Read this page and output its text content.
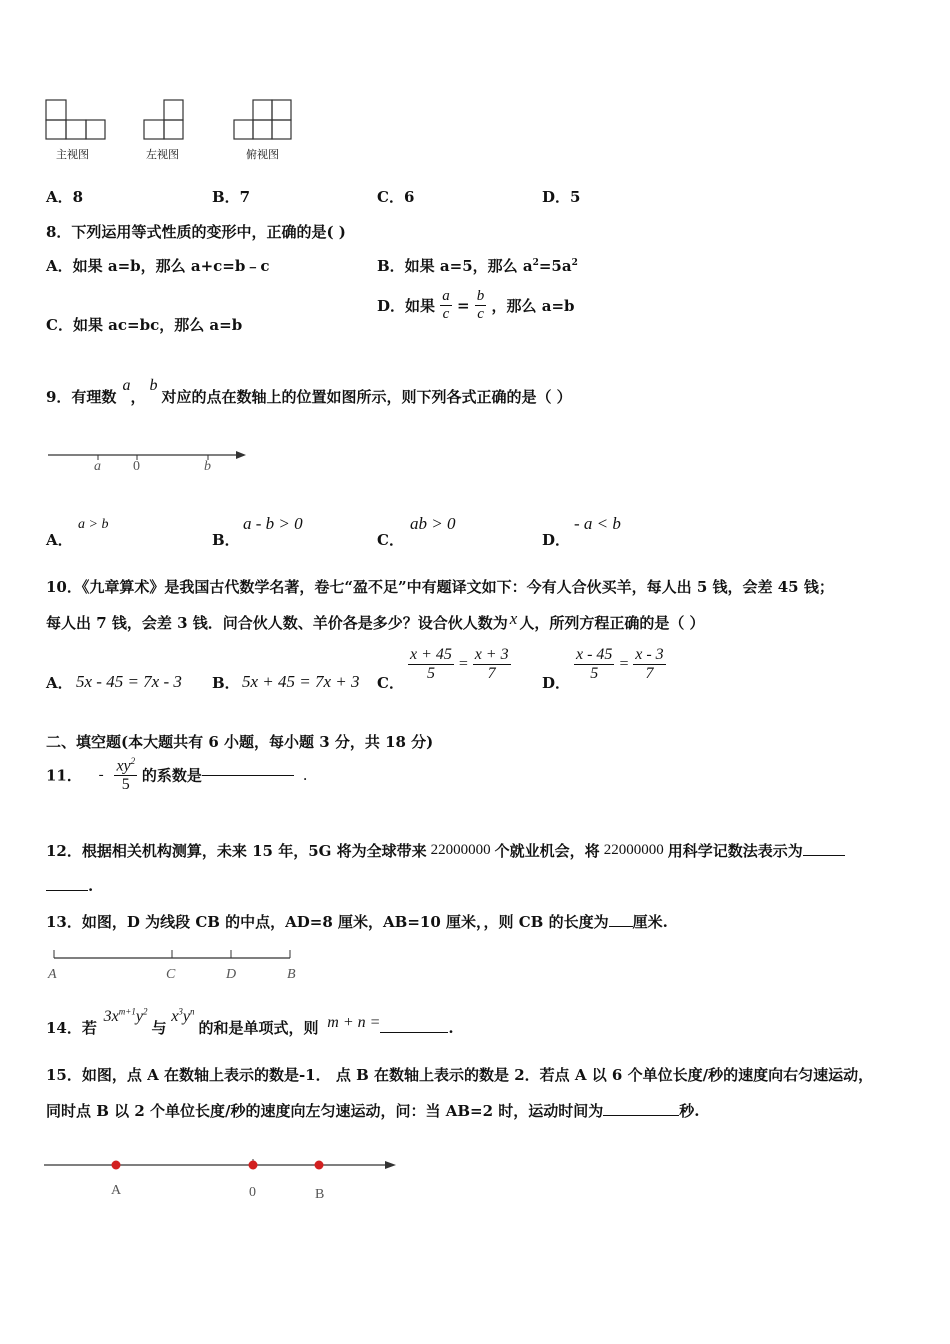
主视图	左视图	俯视图
A．8	B．7	C．6	D．5
8．下列运用等式性质的变形中，正确的是( )
A．如果 a=b，那么 a+c=b﹣c	B．如果 a=5，那么 $a^2=5a^2$
C．如果 ac=bc，那么 a=b
D．如果 $\frac{a}{c} = \frac{b}{c}$ ，那么 a=b
9．有理数a，b对应的点在数轴上的位置如图所示，则下列各式正确的是（ ）
a 0	b
A．
a > b
B．
a - b > 0
C．
ab > 0
D．
- a < b
10．《九章算术》是我国古代数学名著，卷七“盈不足”中有题译文如下：今有人合伙买羊，每人出 5 钱，会差 45 钱；
每人出 7 钱，会差 3 钱．问合伙人数、羊价各是多少？设合伙人数为 x 人，所列方程正确的是（ ）
A． 5x - 45 = 7x - 3 B． 5x + 45 = 7x + 3 C． $\frac{x + 45}{5} = \frac{x + 3}{7}$ D． $\frac{x - 45}{5} = \frac{x - 3}{7}$
二、填空题(本大题共有 6 小题，每小题 3 分，共 18 分)
11． - $\frac{xy^2}{5}$ 的系数是	.
12．根据相关机构测算，未来 15 年，5G 将为全球带来 22000000 个就业机会，将 22000000 用科学记数法表示为
.
13．如图，D 为线段 CB 的中点，AD=8 厘米，AB=10 厘米，，则 CB 的长度为 厘米.
A	C	D	B
14．若 $3x^{m+1}y^2$ 与 $x^3y^n$ 的和是单项式，则 m + n =	.
15．如图，点 A 在数轴上表示的数是-1． 点 B 在数轴上表示的数是 2．若点 A 以 6 个单位长度/秒的速度向右匀速运动，
同时点 B 以 2 个单位长度/秒的速度向左匀速运动，问：当 AB=2 时，运动时间为	秒.
A	0	B
